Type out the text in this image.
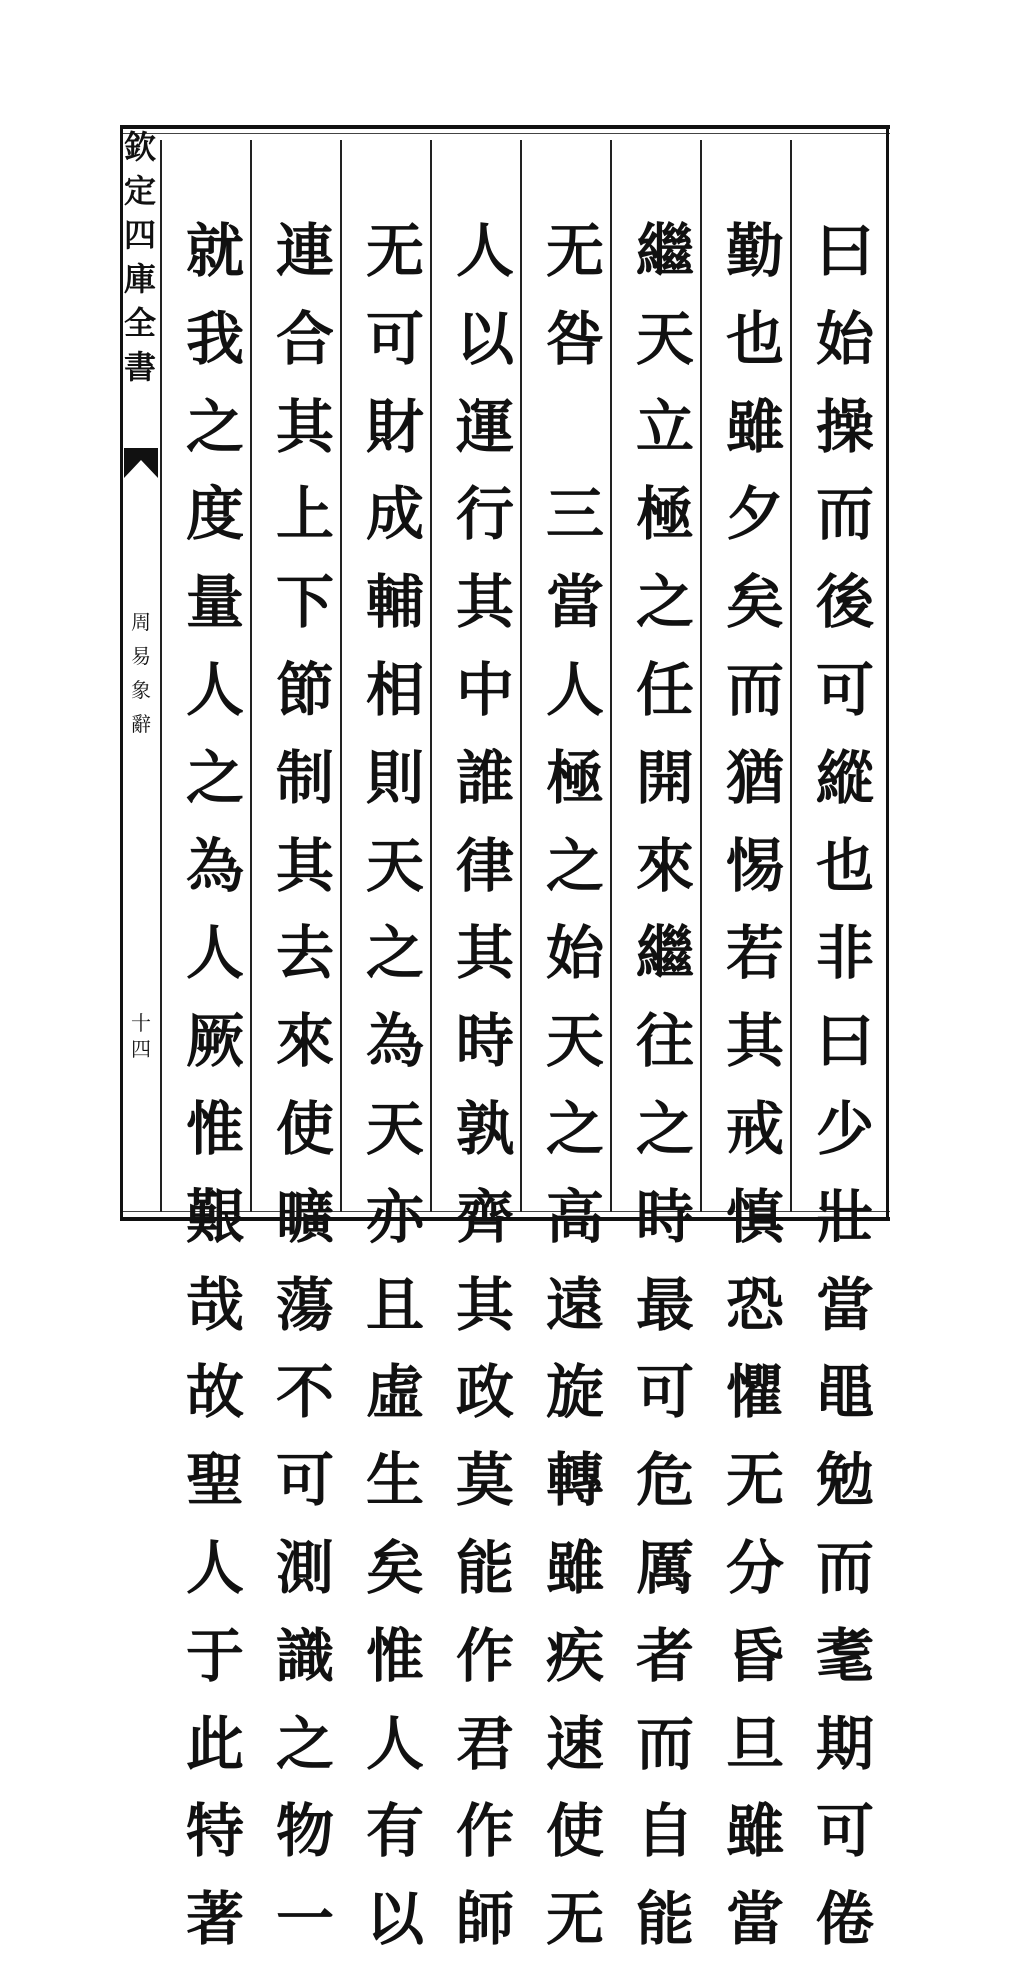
欽
定
四
庫
全
書
周
易
象
辭
十
四
曰
始
操
而
後
可
縱
也
非
曰
少
壯
當
黽
勉
而
耄
期
可
倦
勤
也
雖
夕
矣
而
猶
惕
若
其
戒
慎
恐
懼
无
分
昏
旦
雖
當
繼
天
立
極
之
任
開
來
繼
往
之
時
最
可
危
厲
者
而
自
能
无
咎
三
當
人
極
之
始
天
之
高
遠
旋
轉
雖
疾
速
使
无
人
以
運
行
其
中
誰
律
其
時
孰
齊
其
政
莫
能
作
君
作
師
无
可
財
成
輔
相
則
天
之
為
天
亦
且
虛
生
矣
惟
人
有
以
連
合
其
上
下
節
制
其
去
來
使
曠
蕩
不
可
測
識
之
物
一
就
我
之
度
量
人
之
為
人
厥
惟
艱
哉
故
聖
人
于
此
特
著
